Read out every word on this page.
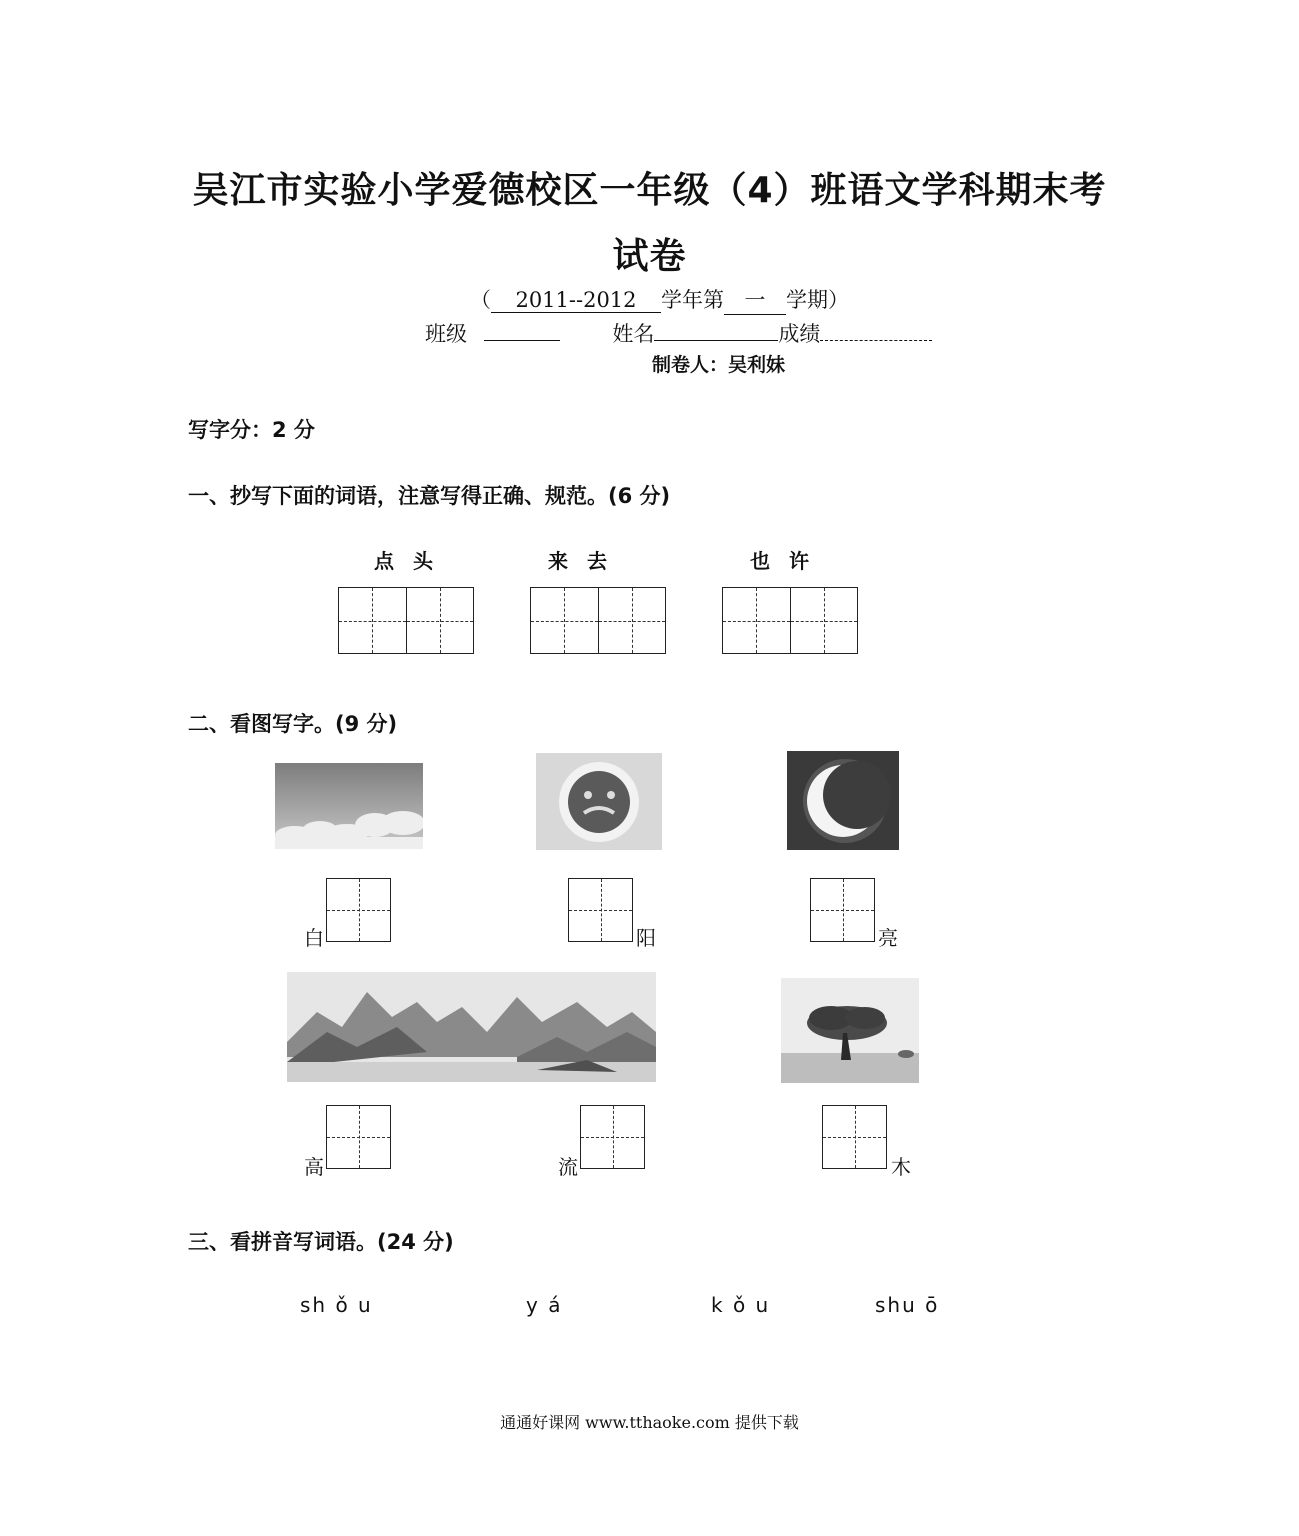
吴江市实验小学爱德校区一年级（4）班语文学科期末考
试卷
（ 2011--2012 学年第 一 学期）
班级	姓名	成绩
制卷人：吴利妹
写字分：2 分
一、抄写下面的词语，注意写得正确、规范。(6 分)
点 头	来 去	也 许
二、看图写字。(9 分)
白	阳	亮
高	流	木
三、看拼音写词语。(24 分)
sh ǒ u	y á	k ǒ u	shu ō
通通好课网 www.tthaoke.com 提供下载
